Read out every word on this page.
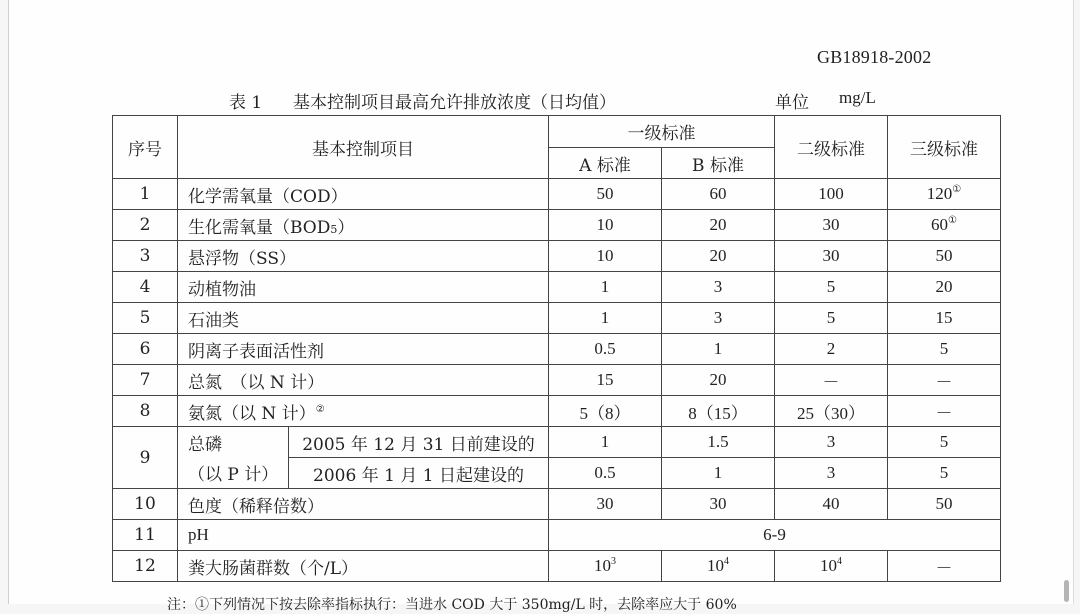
GB18918-2002
表 1 基本控制项目最高允许排放浓度（日均值）	单位 mg/L
序号	基本控制项目		一级标准		二级标准	三级标准
			A 标准	B 标准		
1	化学需氧量（COD）		50	60	100	120①
2	生化需氧量（BOD5）		10	20	30	60①
3	悬浮物（SS）		10	20	30	50
4	动植物油		1	3	5	20
5	石油类		1	3	5	15
6	阴离子表面活性剂		0.5	1	2	5
7	总氮　（以 N 计）		15	20	－	－
8	氨氮（以 N 计）②		5（8）	8（15）	25（30）	－
9	总磷	2005 年 12 月 31 日前建设的	1	1.5	3	5
	（以 P 计）	2006 年 1 月 1 日起建设的	0.5	1	3	5
10	色度（稀释倍数）		30	30	40	50
11	pH		6-9			
12	粪大肠菌群数（个/L）		$10^3$	$10^4$	$10^4$	－
注：①下列情况下按去除率指标执行：当进水 COD 大于 350mg/L 时，去除率应大于 60%
